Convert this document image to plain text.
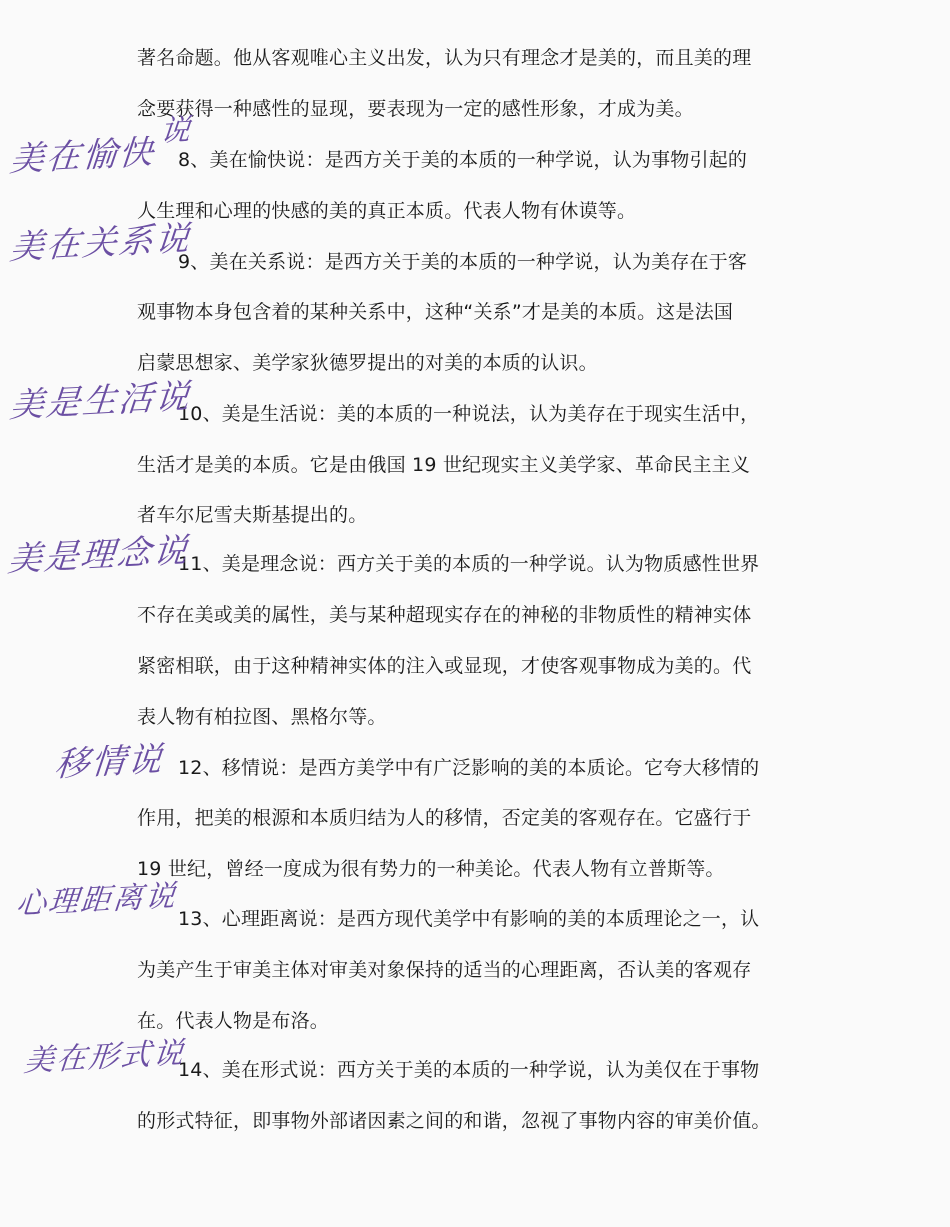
著名命题。他从客观唯心主义出发，认为只有理念才是美的，而且美的理
念要获得一种感性的显现，要表现为一定的感性形象，才成为美。
8、美在愉快说：是西方关于美的本质的一种学说，认为事物引起的
人生理和心理的快感的美的真正本质。代表人物有休谟等。
9、美在关系说：是西方关于美的本质的一种学说，认为美存在于客
观事物本身包含着的某种关系中，这种“关系”才是美的本质。这是法国
启蒙思想家、美学家狄德罗提出的对美的本质的认识。
10、美是生活说：美的本质的一种说法，认为美存在于现实生活中，
生活才是美的本质。它是由俄国 19 世纪现实主义美学家、革命民主主义
者车尔尼雪夫斯基提出的。
11、美是理念说：西方关于美的本质的一种学说。认为物质感性世界
不存在美或美的属性，美与某种超现实存在的神秘的非物质性的精神实体
紧密相联，由于这种精神实体的注入或显现，才使客观事物成为美的。代
表人物有柏拉图、黑格尔等。
12、移情说：是西方美学中有广泛影响的美的本质论。它夸大移情的
作用，把美的根源和本质归结为人的移情，否定美的客观存在。它盛行于
19 世纪，曾经一度成为很有势力的一种美论。代表人物有立普斯等。
13、心理距离说：是西方现代美学中有影响的美的本质理论之一，认
为美产生于审美主体对审美对象保持的适当的心理距离，否认美的客观存
在。代表人物是布洛。
14、美在形式说：西方关于美的本质的一种学说，认为美仅在于事物
的形式特征，即事物外部诸因素之间的和谐，忽视了事物内容的审美价值。
美在愉快
说
美在关系说
美是生活说
美是理念说
移情说
心理距离说
美在形式说
